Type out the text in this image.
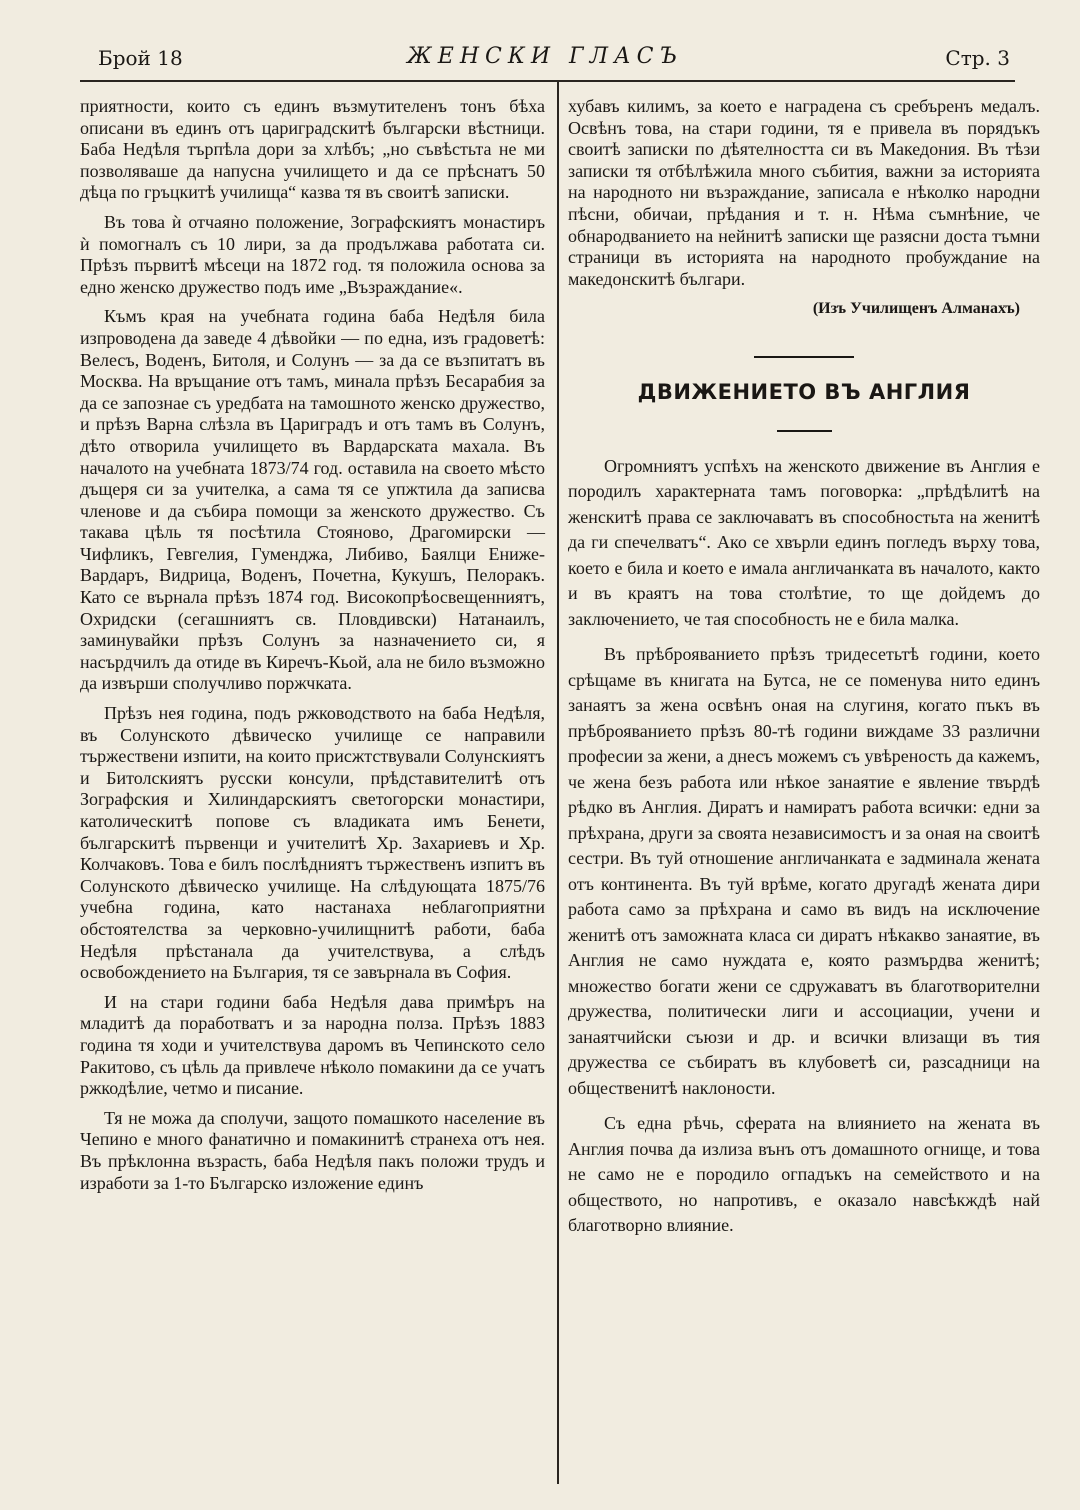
Брой 18	ЖЕНСКИ ГЛАСЪ	Стр. 3

приятности, които съ единъ възмутителенъ тонъ бѣха описани въ единъ отъ цариградскитѣ български вѣстници. Баба Недѣля търпѣла дори за хлѣбъ; „но съвѣстьта не ми позволяваше да напусна училището и да се прѣснатъ 50 дѣца по гръцкитѣ училища“ казва тя въ своитѣ записки.

Въ това ѝ отчаяно положение, Зографскиятъ монастиръ ѝ помогналъ съ 10 лири, за да продължава работата си. Прѣзъ първитѣ мѣсеци на 1872 год. тя положила основа за едно женско дружество подъ име „Възраждание«.

Къмъ края на учебната година баба Недѣля била изпроводена да заведе 4 дѣвойки — по една, изъ градоветѣ: Велесъ, Воденъ, Битоля, и Солунъ — за да се възпитатъ въ Москва. На връщание отъ тамъ, минала прѣзъ Бесарабия за да се запознае съ уредбата на тамошното женско дружество, и прѣзъ Варна слѣзла въ Цариградъ и отъ тамъ въ Солунъ, дѣто отворила училището въ Вардарската махала. Въ началото на учебната 1873/74 год. оставила на своето мѣсто дъщеря си за учителка, а сама тя се упжтила да записва членове и да събира помощи за женското дружество. Съ такава цѣль тя посѣтила Стояново, Драгомирски — Чифликъ, Гевгелия, Гуменджа, Либиво, Баялци Ениже-Вардаръ, Видрица, Воденъ, Почетна, Кукушъ, Пелоракъ. Като се върнала прѣзъ 1874 год. Високопрѣосвещенниятъ, Охридски (сегашниятъ св. Пловдивски) Натанаилъ, заминувайки прѣзъ Солунъ за назначението си, я насърдчилъ да отиде въ Киречъ-Кьой, ала не било възможно да извърши сполучливо поржчката.

Прѣзъ нея година, подъ ржководството на баба Недѣля, въ Солунското дѣвическо училище се направили тържествени изпити, на които присжтствували Солунскиятъ и Битолскиятъ русски консули, прѣдставителитѣ отъ Зографския и Хилиндарскиятъ светогорски монастири, католическитѣ попове съ владиката имъ Бенети, българскитѣ първенци и учителитѣ Хр. Захариевъ и Хр. Колчаковъ. Това е билъ послѣдниятъ тържественъ изпитъ въ Солунското дѣвическо училище. На слѣдующата 1875/76 учебна година, като настанаха неблагоприятни обстоятелства за черковно-училищнитѣ работи, баба Недѣля прѣстанала да учителствува, а слѣдъ освобождението на България, тя се завърнала въ София.

И на стари години баба Недѣля дава примѣръ на младитѣ да поработватъ и за народна полза. Прѣзъ 1883 година тя ходи и учителствува даромъ въ Чепинското село Ракитово, съ цѣль да привлече нѣколо помакини да се учатъ ржкодѣлие, четмо и писание.

Тя не можа да сполучи, защото помашкото население въ Чепино е много фанатично и помакинитѣ странеха отъ нея. Въ прѣклонна възрасть, баба Недѣля пакъ положи трудъ и изработи за 1-то Българско изложение единъ

хубавъ килимъ, за което е наградена съ сребъренъ медалъ. Освѣнъ това, на стари години, тя е привела въ порядъкъ своитѣ записки по дѣятелността си въ Македония. Въ тѣзи записки тя отбѣлѣжила много събития, важни за историята на народното ни възраждание, записала е нѣколко народни пѣсни, обичаи, прѣдания и т. н. Нѣма съмнѣние, че обнародванието на нейнитѣ записки ще разясни доста тъмни страници въ историята на народното пробуждание на македонскитѣ българи.

(Изъ Училищенъ Алманахъ)
ДВИЖЕНИЕТО ВЪ АНГЛИЯ

Огромниятъ успѣхъ на женското движение въ Англия е породилъ характерната тамъ поговорка: „прѣдѣлитѣ на женскитѣ права се заключаватъ въ способностьта на женитѣ да ги спечелватъ“. Ако се хвърли единъ погледъ върху това, което е била и което е имала англичанката въ началото, както и въ краятъ на това столѣтие, то ще дойдемъ до заключението, че тая способность не е била малка.

Въ прѣброяванието прѣзъ тридесетьтѣ години, което срѣщаме въ книгата на Бутса, не се поменува нито единъ занаятъ за жена освѣнъ оная на слугиня, когато пъкъ въ прѣброяванието прѣзъ 80-тѣ години виждаме 33 различни професии за жени, а днесъ можемъ съ увѣреность да кажемъ, че жена безъ работа или нѣкое занаятие е явление твърдѣ рѣдко въ Англия. Диратъ и намиратъ работа всички: едни за прѣхрана, други за своята независимостъ и за оная на своитѣ сестри. Въ туй отношение англичанката е задминала жената отъ континента. Въ туй врѣме, когато другадѣ жената дири работа само за прѣхрана и само въ видъ на исключение женитѣ отъ заможната класа си диратъ нѣкакво занаятие, въ Англия не само нуждата е, която размърдва женитѣ; множество богати жени се сдружаватъ въ благотворителни дружества, политически лиги и ассоциации, учени и занаятчийски съюзи и др. и всички влизащи въ тия дружества се събиратъ въ клубоветѣ си, разсадници на общественитѣ наклоности.

Съ една рѣчь, сферата на влиянието на жената въ Англия почва да излиза вънъ отъ домашното огнище, и това не само не е породило огпадъкъ на семейството и на обществото, но напротивъ, е оказало навсѣкждѣ най благотворно влияние.
